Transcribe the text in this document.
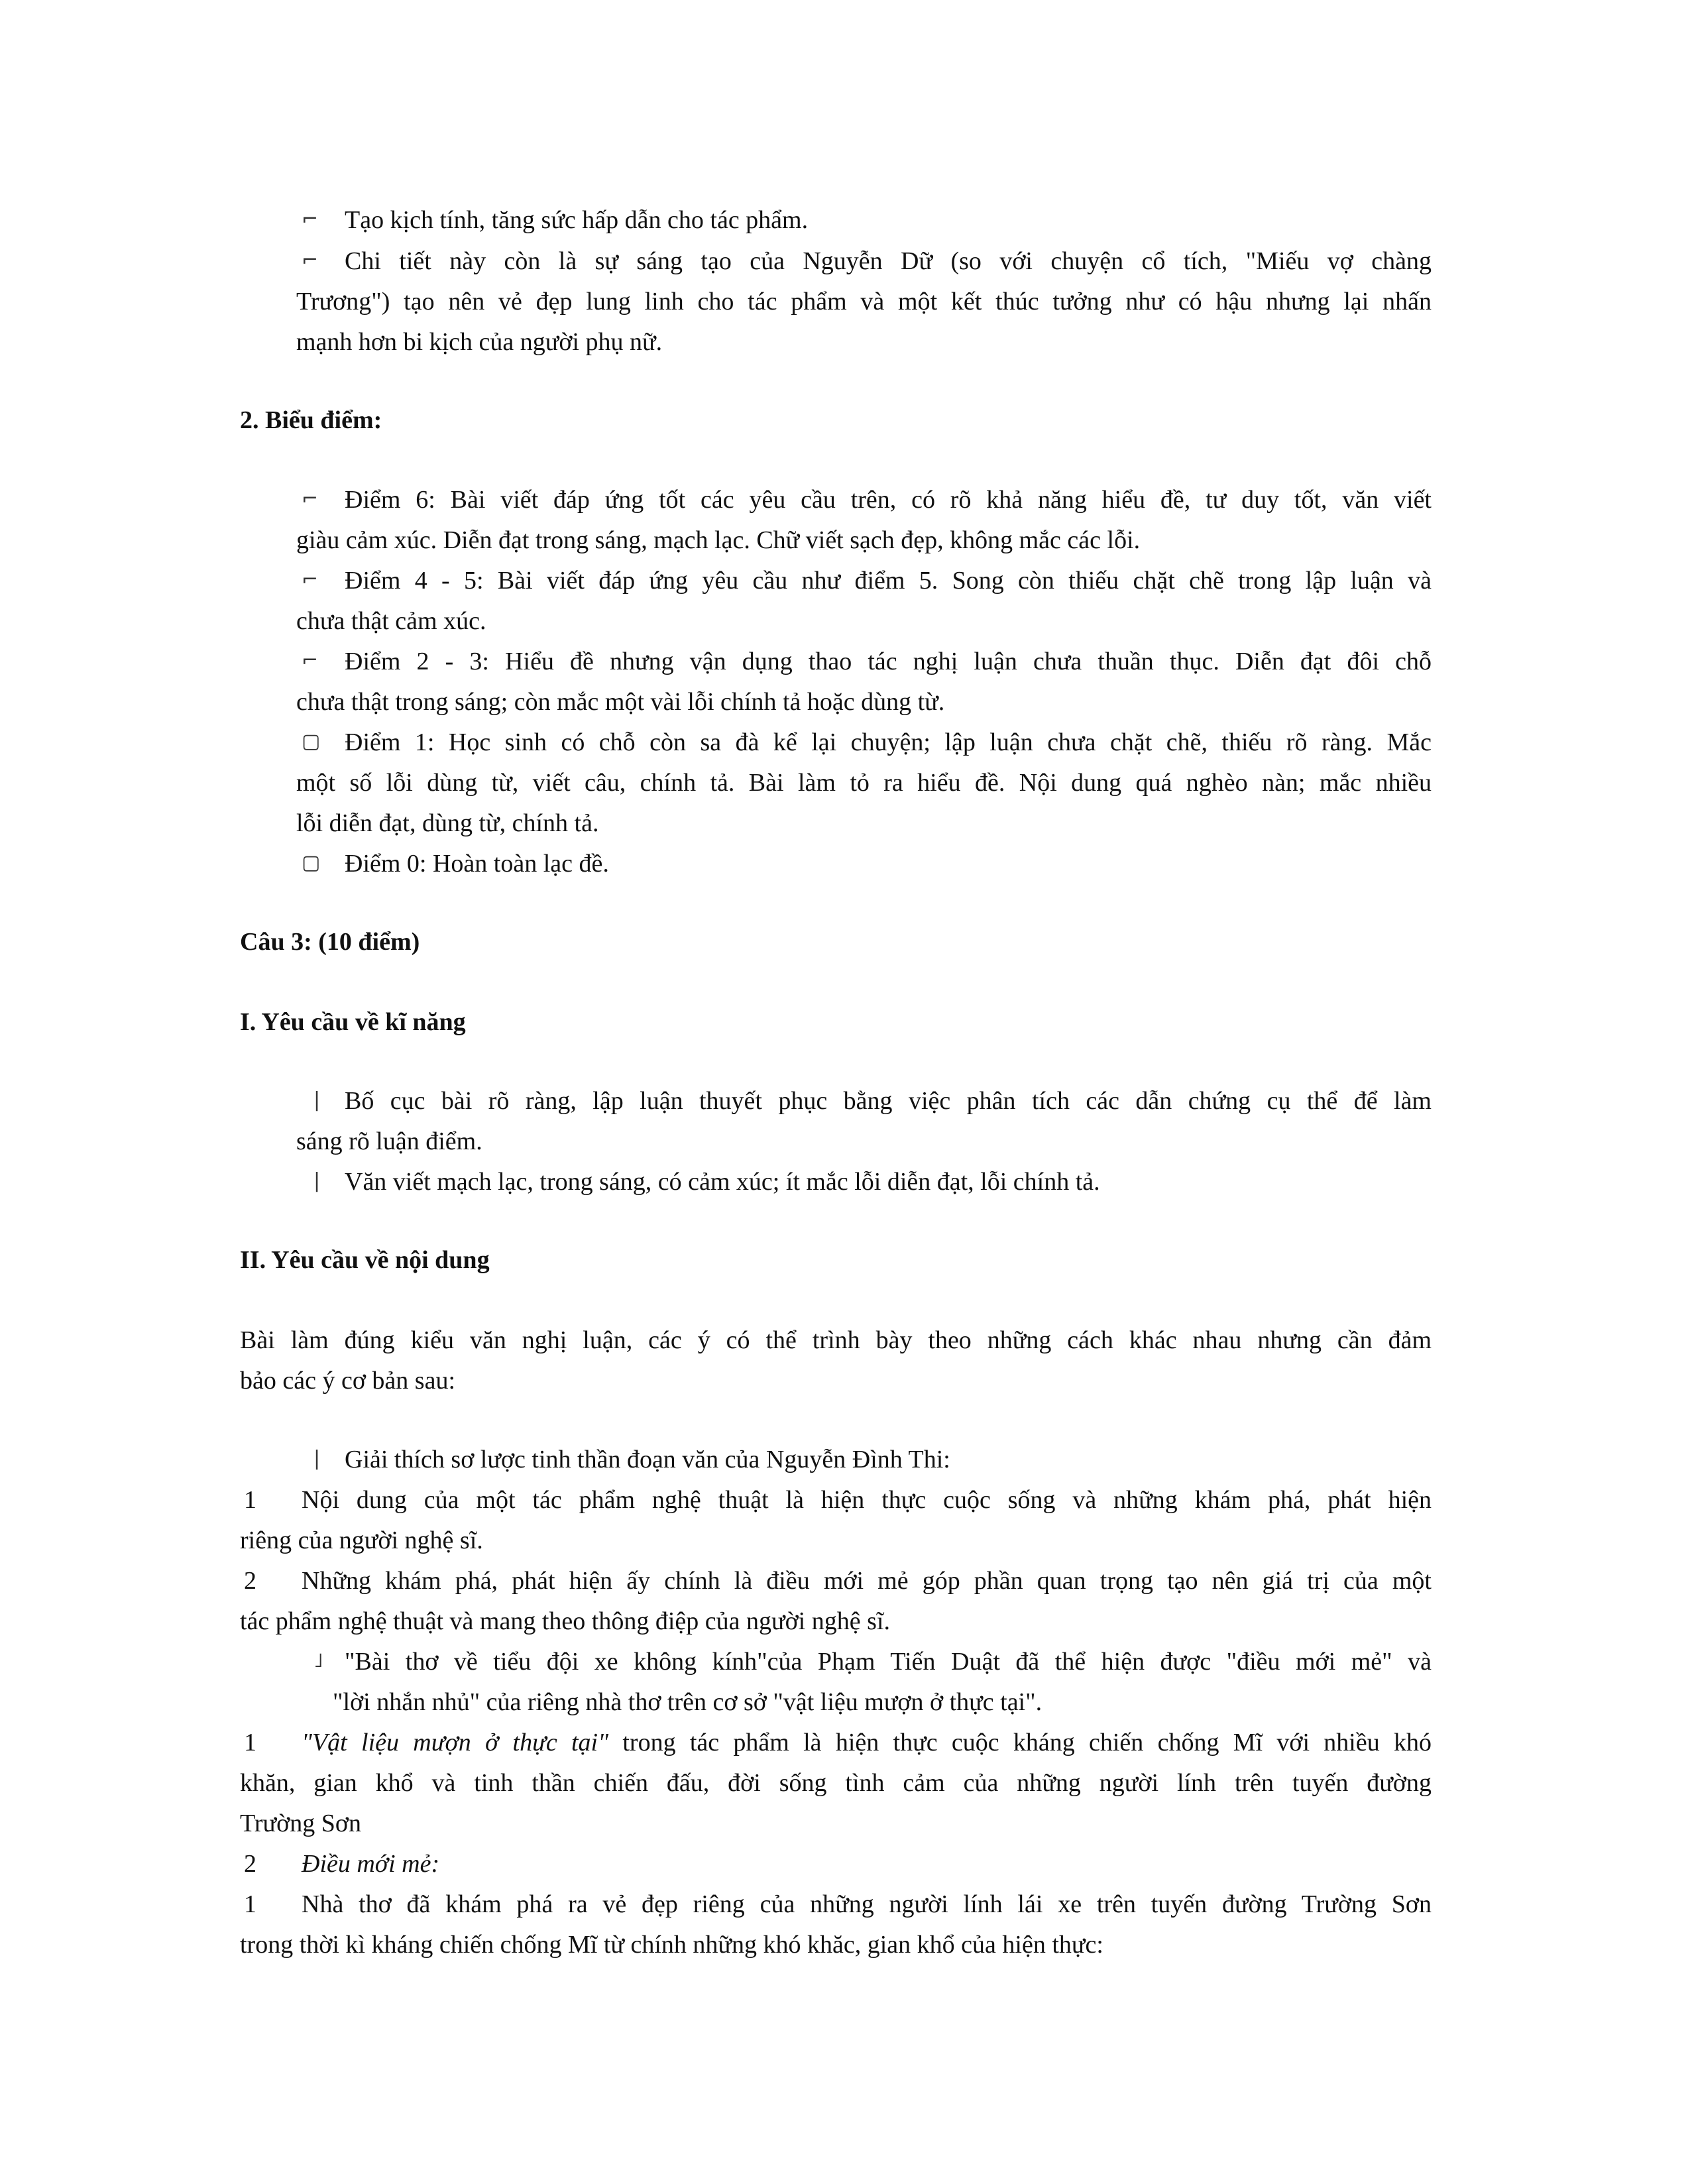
⌐ Tạo kịch tính, tăng sức hấp dẫn cho tác phẩm.
⌐ Chi tiết này còn là sự sáng tạo của Nguyễn Dữ (so với chuyện cổ tích, "Miếu vợ chàng
Trương") tạo nên vẻ đẹp lung linh cho tác phẩm và một kết thúc tưởng như có hậu nhưng lại nhấn
mạnh hơn bi kịch của người phụ nữ.
2. Biểu điểm:
⌐ Điểm 6: Bài viết đáp ứng tốt các yêu cầu trên, có rõ khả năng hiểu đề, tư duy tốt, văn viết
giàu cảm xúc. Diễn đạt trong sáng, mạch lạc. Chữ viết sạch đẹp, không mắc các lỗi.
⌐ Điểm 4 - 5: Bài viết đáp ứng yêu cầu như điểm 5. Song còn thiếu chặt chẽ trong lập luận và
chưa thật cảm xúc.
⌐ Điểm 2 - 3: Hiểu đề nhưng vận dụng thao tác nghị luận chưa thuần thục. Diễn đạt đôi chỗ
chưa thật trong sáng; còn mắc một vài lỗi chính tả hoặc dùng từ.
▢ Điểm 1: Học sinh có chỗ còn sa đà kể lại chuyện; lập luận chưa chặt chẽ, thiếu rõ ràng. Mắc
một số lỗi dùng từ, viết câu, chính tả. Bài làm tỏ ra hiểu đề. Nội dung quá nghèo nàn; mắc nhiều
lỗi diễn đạt, dùng từ, chính tả.
▢ Điểm 0: Hoàn toàn lạc đề.
Câu 3: (10 điểm)
I. Yêu cầu về kĩ năng
| Bố cục bài rõ ràng, lập luận thuyết phục bằng việc phân tích các dẫn chứng cụ thể để làm
sáng rõ luận điểm.
| Văn viết mạch lạc, trong sáng, có cảm xúc; ít mắc lỗi diễn đạt, lỗi chính tả.
II. Yêu cầu về nội dung
Bài làm đúng kiểu văn nghị luận, các ý có thể trình bày theo những cách khác nhau nhưng cần đảm
bảo các ý cơ bản sau:
| Giải thích sơ lược tinh thần đoạn văn của Nguyễn Đình Thi:
1 Nội dung của một tác phẩm nghệ thuật là hiện thực cuộc sống và những khám phá, phát hiện
riêng của người nghệ sĩ.
2 Những khám phá, phát hiện ấy chính là điều mới mẻ góp phần quan trọng tạo nên giá trị của một
tác phẩm nghệ thuật và mang theo thông điệp của người nghệ sĩ.
˩ "Bài thơ về tiểu đội xe không kính"của Phạm Tiến Duật đã thể hiện được "điều mới mẻ" và
"lời nhắn nhủ" của riêng nhà thơ trên cơ sở "vật liệu mượn ở thực tại".
1 "Vật liệu mượn ở thực tại" trong tác phẩm là hiện thực cuộc kháng chiến chống Mĩ với nhiều khó
khăn, gian khổ và tinh thần chiến đấu, đời sống tình cảm của những người lính trên tuyến đường
Trường Sơn
2 Điều mới mẻ:
1 Nhà thơ đã khám phá ra vẻ đẹp riêng của những người lính lái xe trên tuyến đường Trường Sơn
trong thời kì kháng chiến chống Mĩ từ chính những khó khăc, gian khổ của hiện thực:
